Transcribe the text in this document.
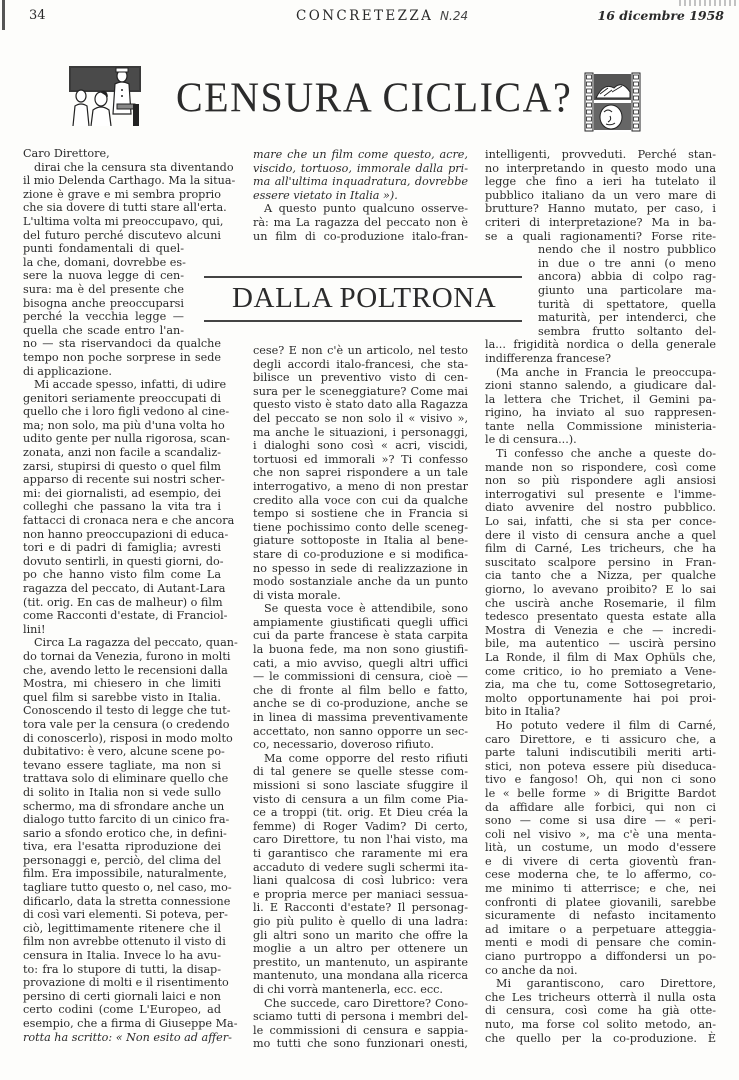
34	CONCRETEZZA N.24	16 dicembre 1958
CENSURA CICLICA?
Caro Direttore,
dirai che la censura sta diventando
il mio Delenda Carthago. Ma la situa-
zione è grave e mi sembra proprio
che sia dovere di tutti stare all'erta.
L'ultima volta mi preoccupavo, qui,
del futuro perché discutevo alcuni
punti fondamentali di quel-
la che, domani, dovrebbe es-
sere la nuova legge di cen-
sura: ma è del presente che
bisogna anche preoccuparsi
perché la vecchia legge —
quella che scade entro l'an-
no — sta riservandoci da qualche
tempo non poche sorprese in sede
di applicazione.
Mi accade spesso, infatti, di udire
genitori seriamente preoccupati di
quello che i loro figli vedono al cine-
ma; non solo, ma più d'una volta ho
udito gente per nulla rigorosa, scan-
zonata, anzi non facile a scandaliz-
zarsi, stupirsi di questo o quel film
apparso di recente sui nostri scher-
mi: dei giornalisti, ad esempio, dei
colleghi che passano la vita tra i
fattacci di cronaca nera e che ancora
non hanno preoccupazioni di educa-
tori e di padri di famiglia; avresti
dovuto sentirli, in questi giorni, do-
po che hanno visto film come La
ragazza del peccato, di Autant-Lara
(tit. orig. En cas de malheur) o film
come Racconti d'estate, di Franciol-
lini!
Circa La ragazza del peccato, quan-
do tornai da Venezia, furono in molti
che, avendo letto le recensioni dalla
Mostra, mi chiesero in che limiti
quel film si sarebbe visto in Italia.
Conoscendo il testo di legge che tut-
tora vale per la censura (o credendo
di conoscerlo), risposi in modo molto
dubitativo: è vero, alcune scene po-
tevano essere tagliate, ma non si
trattava solo di eliminare quello che
di solito in Italia non si vede sullo
schermo, ma di sfrondare anche un
dialogo tutto farcito di un cinico fra-
sario a sfondo erotico che, in defini-
tiva, era l'esatta riproduzione dei
personaggi e, perciò, del clima del
film. Era impossibile, naturalmente,
tagliare tutto questo o, nel caso, mo-
dificarlo, data la stretta connessione
di così vari elementi. Si poteva, per-
ciò, legittimamente ritenere che il
film non avrebbe ottenuto il visto di
censura in Italia. Invece lo ha avu-
to: fra lo stupore di tutti, la disap-
provazione di molti e il risentimento
persino di certi giornali laici e non
certo codini (come L'Europeo, ad
esempio, che a firma di Giuseppe Ma-
rotta ha scritto: « Non esito ad affer-
mare che un film come questo, acre,
viscido, tortuoso, immorale dalla pri-
ma all'ultima inquadratura, dovrebbe
essere vietato in Italia »).
A questo punto qualcuno osserve-
rà: ma La ragazza del peccato non è
un film di co-produzione italo-fran-
DALLA POLTRONA
cese? E non c'è un articolo, nel testo
degli accordi italo-francesi, che sta-
bilisce un preventivo visto di cen-
sura per le sceneggiature? Come mai
questo visto è stato dato alla Ragazza
del peccato se non solo il « visivo »,
ma anche le situazioni, i personaggi,
i dialoghi sono così « acri, viscidi,
tortuosi ed immorali »? Ti confesso
che non saprei rispondere a un tale
interrogativo, a meno di non prestar
credito alla voce con cui da qualche
tempo si sostiene che in Francia si
tiene pochissimo conto delle sceneg-
giature sottoposte in Italia al bene-
stare di co-produzione e si modifica-
no spesso in sede di realizzazione in
modo sostanziale anche da un punto
di vista morale.
Se questa voce è attendibile, sono
ampiamente giustificati quegli uffici
cui da parte francese è stata carpita
la buona fede, ma non sono giustifi-
cati, a mio avviso, quegli altri uffici
— le commissioni di censura, cioè —
che di fronte al film bello e fatto,
anche se di co-produzione, anche se
in linea di massima preventivamente
accettato, non sanno opporre un sec-
co, necessario, doveroso rifiuto.
Ma come opporre del resto rifiuti
di tal genere se quelle stesse com-
missioni si sono lasciate sfuggire il
visto di censura a un film come Pia-
ce a troppi (tit. orig. Et Dieu créa la
femme) di Roger Vadim? Di certo,
caro Direttore, tu non l'hai visto, ma
ti garantisco che raramente mi era
accaduto di vedere sugli schermi ita-
liani qualcosa di così lubrico: vera
e propria merce per maniaci sessua-
li. E Racconti d'estate? Il personag-
gio più pulito è quello di una ladra:
gli altri sono un marito che offre la
moglie a un altro per ottenere un
prestito, un mantenuto, un aspirante
mantenuto, una mondana alla ricerca
di chi vorrà mantenerla, ecc. ecc.
Che succede, caro Direttore? Cono-
sciamo tutti di persona i membri del-
le commissioni di censura e sappia-
mo tutti che sono funzionari onesti,
intelligenti, provveduti. Perché stan-
no interpretando in questo modo una
legge che fino a ieri ha tutelato il
pubblico italiano da un vero mare di
brutture? Hanno mutato, per caso, i
criteri di interpretazione? Ma in ba-
se a quali ragionamenti? Forse rite-
nendo che il nostro pubblico
in due o tre anni (o meno
ancora) abbia di colpo rag-
giunto una particolare ma-
turità di spettatore, quella
maturità, per intenderci, che
sembra frutto soltanto del-
la... frigidità nordica o della generale
indifferenza francese?
(Ma anche in Francia le preoccupa-
zioni stanno salendo, a giudicare dal-
la lettera che Trichet, il Gemini pa-
rigino, ha inviato al suo rappresen-
tante nella Commissione ministeria-
le di censura...).
Ti confesso che anche a queste do-
mande non so rispondere, così come
non so più rispondere agli ansiosi
interrogativi sul presente e l'imme-
diato avvenire del nostro pubblico.
Lo sai, infatti, che si sta per conce-
dere il visto di censura anche a quel
film di Carné, Les tricheurs, che ha
suscitato scalpore persino in Fran-
cia tanto che a Nizza, per qualche
giorno, lo avevano proibito? E lo sai
che uscirà anche Rosemarie, il film
tedesco presentato questa estate alla
Mostra di Venezia e che — incredi-
bile, ma autentico — uscirà persino
La Ronde, il film di Max Ophüls che,
come critico, io ho premiato a Vene-
zia, ma che tu, come Sottosegretario,
molto opportunamente hai poi proi-
bito in Italia?
Ho potuto vedere il film di Carné,
caro Direttore, e ti assicuro che, a
parte taluni indiscutibili meriti arti-
stici, non poteva essere più diseduca-
tivo e fangoso! Oh, qui non ci sono
le « belle forme » di Brigitte Bardot
da affidare alle forbici, qui non ci
sono — come si usa dire — « peri-
coli nel visivo », ma c'è una menta-
lità, un costume, un modo d'essere
e di vivere di certa gioventù fran-
cese moderna che, te lo affermo, co-
me minimo ti atterrisce; e che, nei
confronti di platee giovanili, sarebbe
sicuramente di nefasto incitamento
ad imitare o a perpetuare atteggia-
menti e modi di pensare che comin-
ciano purtroppo a diffondersi un po-
co anche da noi.
Mi garantiscono, caro Direttore,
che Les tricheurs otterrà il nulla osta
di censura, così come ha già otte-
nuto, ma forse col solito metodo, an-
che quello per la co-produzione. È
